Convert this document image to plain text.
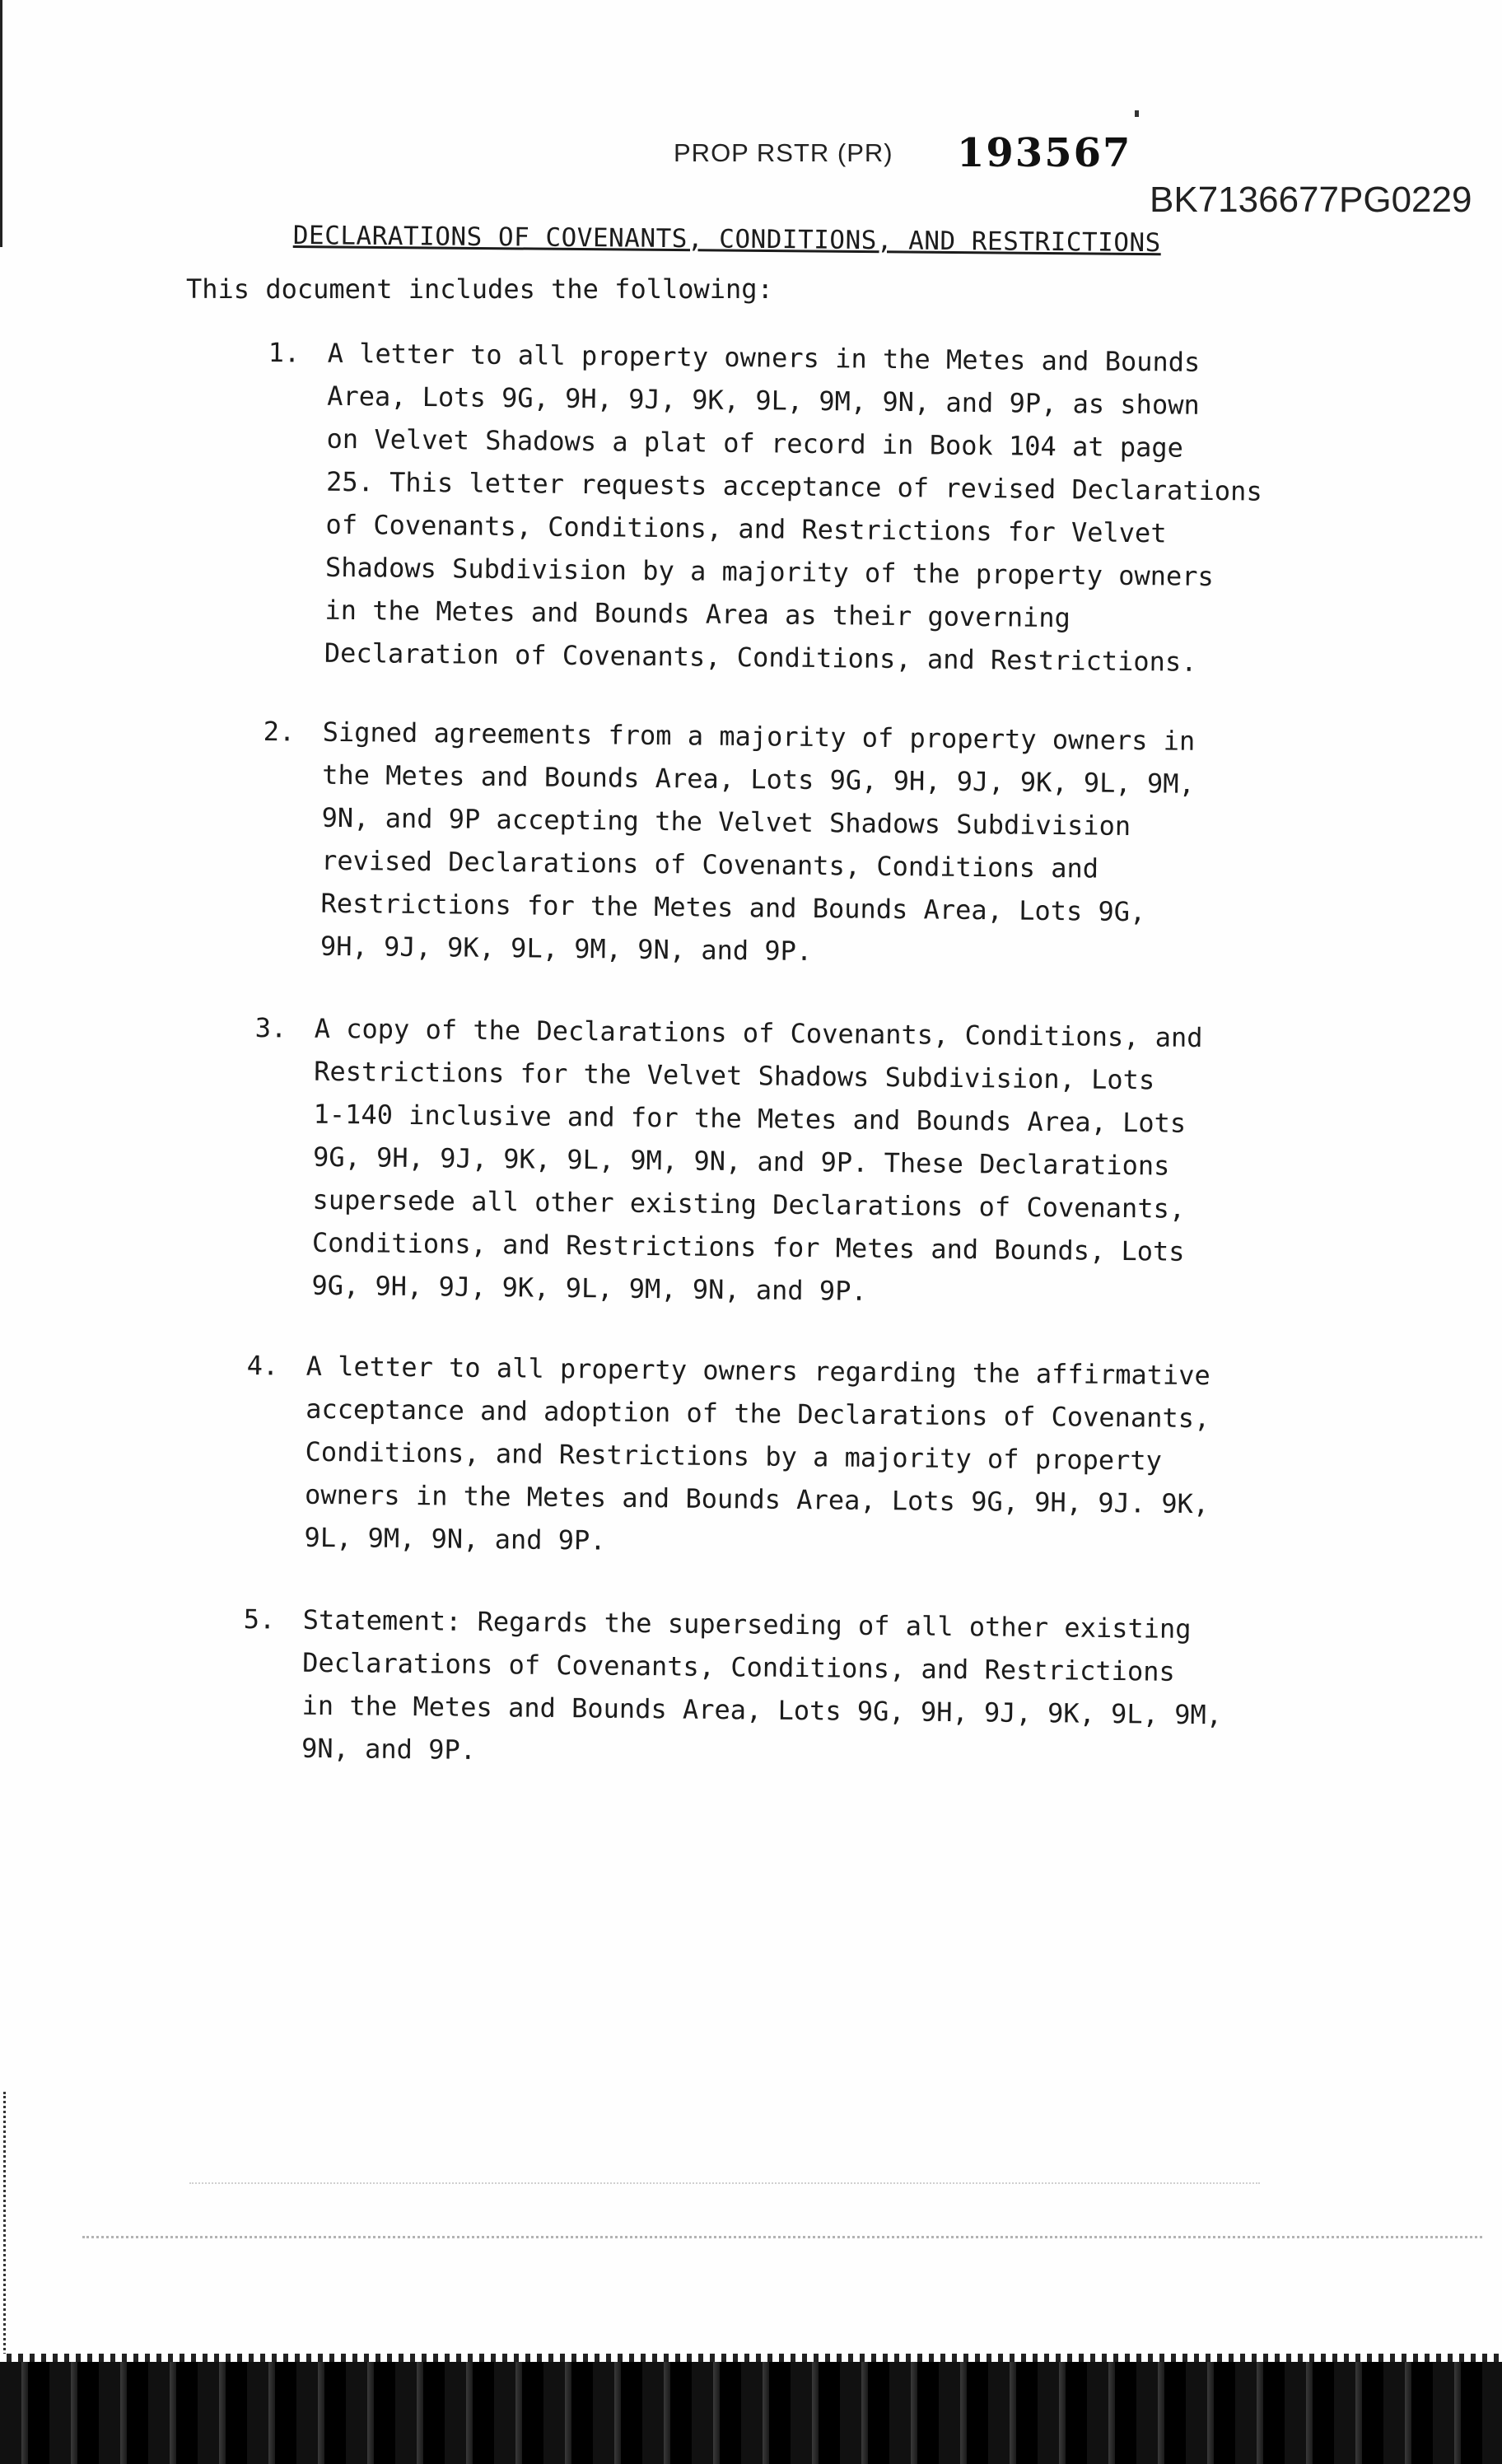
PROP RSTR (PR) 193567
BK7136677PG0229
DECLARATIONS OF COVENANTS, CONDITIONS, AND RESTRICTIONS
This document includes the following:
1. A letter to all property owners in the Metes and Bounds
Area, Lots 9G, 9H, 9J, 9K, 9L, 9M, 9N, and 9P, as shown
on Velvet Shadows a plat of record in Book 104 at page
25. This letter requests acceptance of revised Declarations
of Covenants, Conditions, and Restrictions for Velvet
Shadows Subdivision by a majority of the property owners
in the Metes and Bounds Area as their governing
Declaration of Covenants, Conditions, and Restrictions.
2. Signed agreements from a majority of property owners in
the Metes and Bounds Area, Lots 9G, 9H, 9J, 9K, 9L, 9M,
9N, and 9P accepting the Velvet Shadows Subdivision
revised Declarations of Covenants, Conditions and
Restrictions for the Metes and Bounds Area, Lots 9G,
9H, 9J, 9K, 9L, 9M, 9N, and 9P.
3. A copy of the Declarations of Covenants, Conditions, and
Restrictions for the Velvet Shadows Subdivision, Lots
1-140 inclusive and for the Metes and Bounds Area, Lots
9G, 9H, 9J, 9K, 9L, 9M, 9N, and 9P. These Declarations
supersede all other existing Declarations of Covenants,
Conditions, and Restrictions for Metes and Bounds, Lots
9G, 9H, 9J, 9K, 9L, 9M, 9N, and 9P.
4. A letter to all property owners regarding the affirmative
acceptance and adoption of the Declarations of Covenants,
Conditions, and Restrictions by a majority of property
owners in the Metes and Bounds Area, Lots 9G, 9H, 9J. 9K,
9L, 9M, 9N, and 9P.
5. Statement: Regards the superseding of all other existing
Declarations of Covenants, Conditions, and Restrictions
in the Metes and Bounds Area, Lots 9G, 9H, 9J, 9K, 9L, 9M,
9N, and 9P.
